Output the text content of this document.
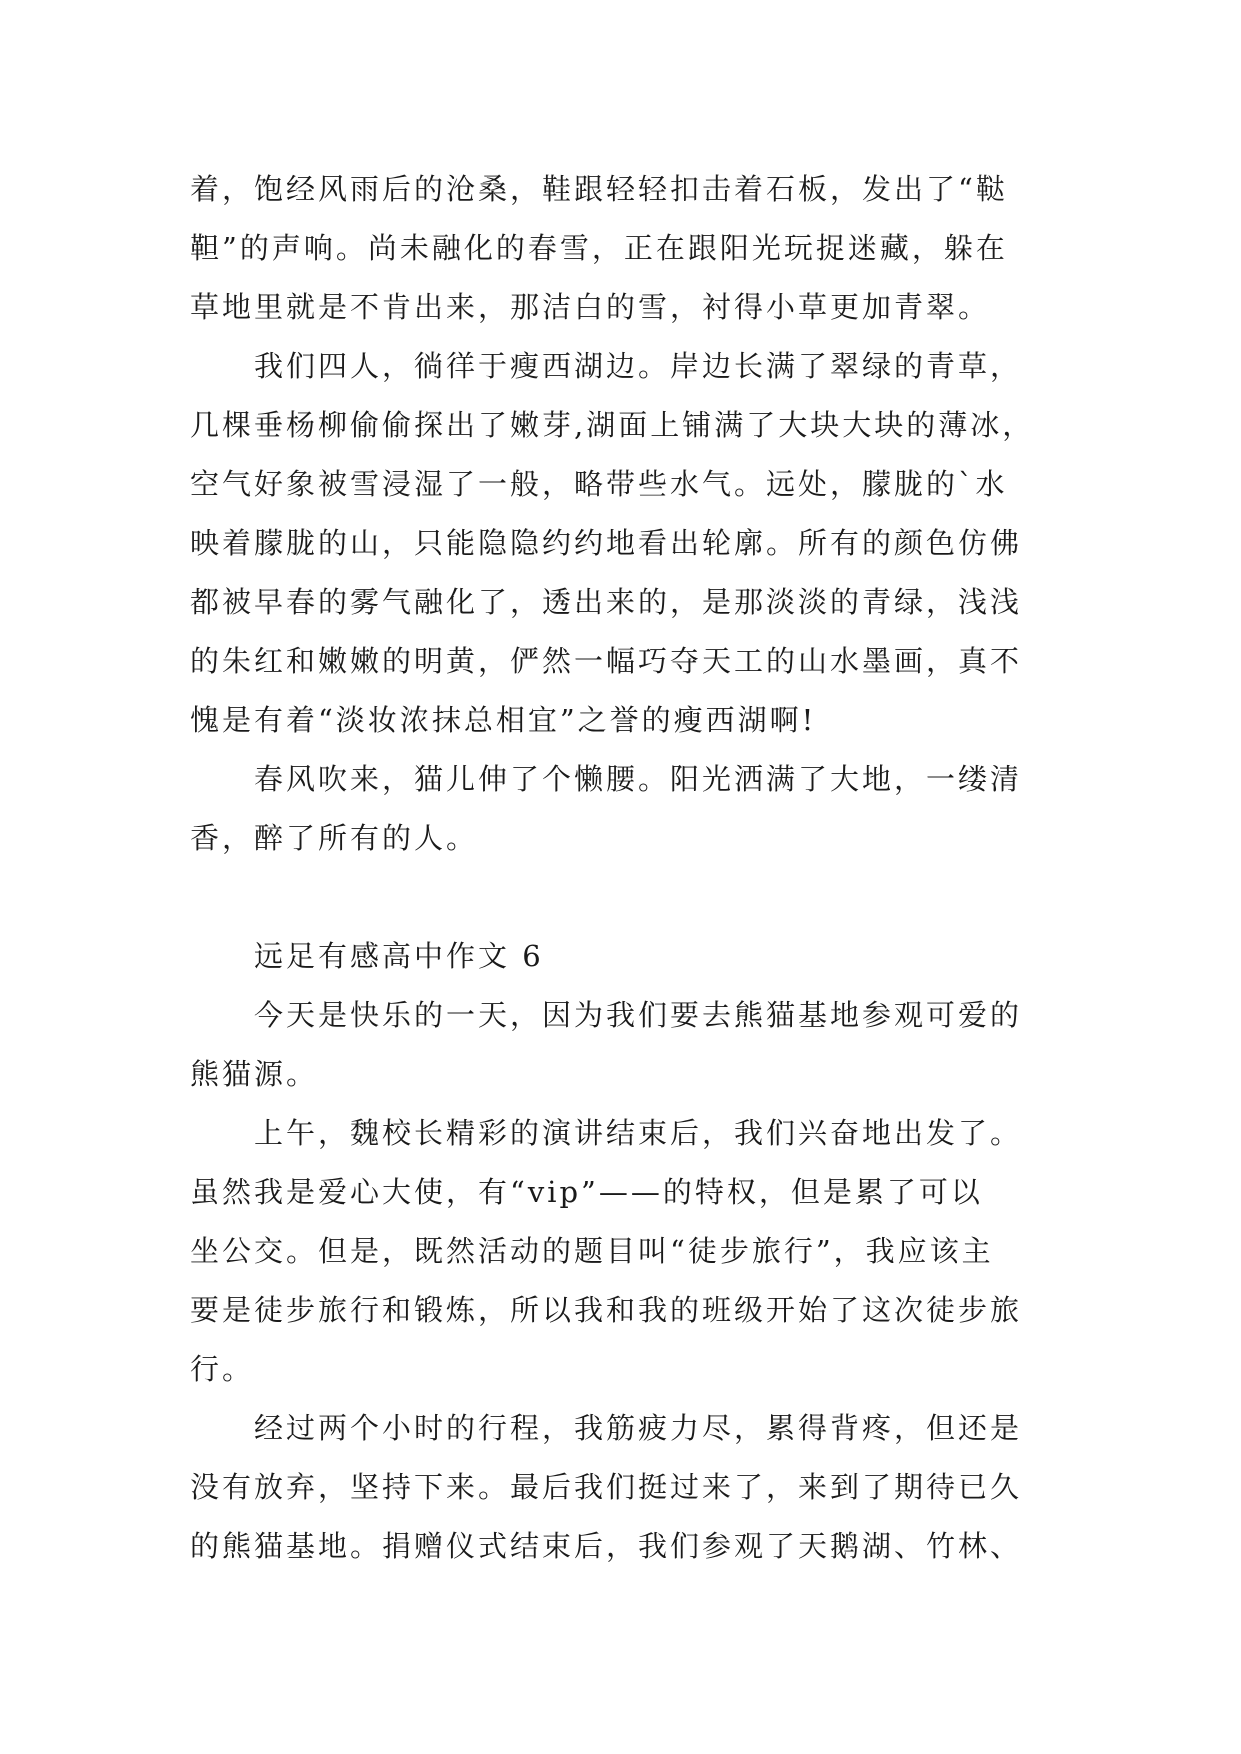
着，饱经风雨后的沧桑，鞋跟轻轻扣击着石板，发出了“鞑
靼”的声响。尚未融化的春雪，正在跟阳光玩捉迷藏，躲在
草地里就是不肯出来，那洁白的雪，衬得小草更加青翠。
　　我们四人，徜徉于瘦西湖边。岸边长满了翠绿的青草，
几棵垂杨柳偷偷探出了嫩芽,湖面上铺满了大块大块的薄冰，
空气好象被雪浸湿了一般，略带些水气。远处，朦胧的`水
映着朦胧的山，只能隐隐约约地看出轮廓。所有的颜色仿佛
都被早春的雾气融化了，透出来的，是那淡淡的青绿，浅浅
的朱红和嫩嫩的明黄，俨然一幅巧夺天工的山水墨画，真不
愧是有着“淡妆浓抹总相宜”之誉的瘦西湖啊!
　　春风吹来，猫儿伸了个懒腰。阳光洒满了大地，一缕清
香，醉了所有的人。
　　远足有感高中作文 6
　　今天是快乐的一天，因为我们要去熊猫基地参观可爱的
熊猫源。
　　上午，魏校长精彩的演讲结束后，我们兴奋地出发了。
虽然我是爱心大使，有“vip”——的特权，但是累了可以
坐公交。但是，既然活动的题目叫“徒步旅行”，我应该主
要是徒步旅行和锻炼，所以我和我的班级开始了这次徒步旅
行。
　　经过两个小时的行程，我筋疲力尽，累得背疼，但还是
没有放弃，坚持下来。最后我们挺过来了，来到了期待已久
的熊猫基地。捐赠仪式结束后，我们参观了天鹅湖、竹林、
